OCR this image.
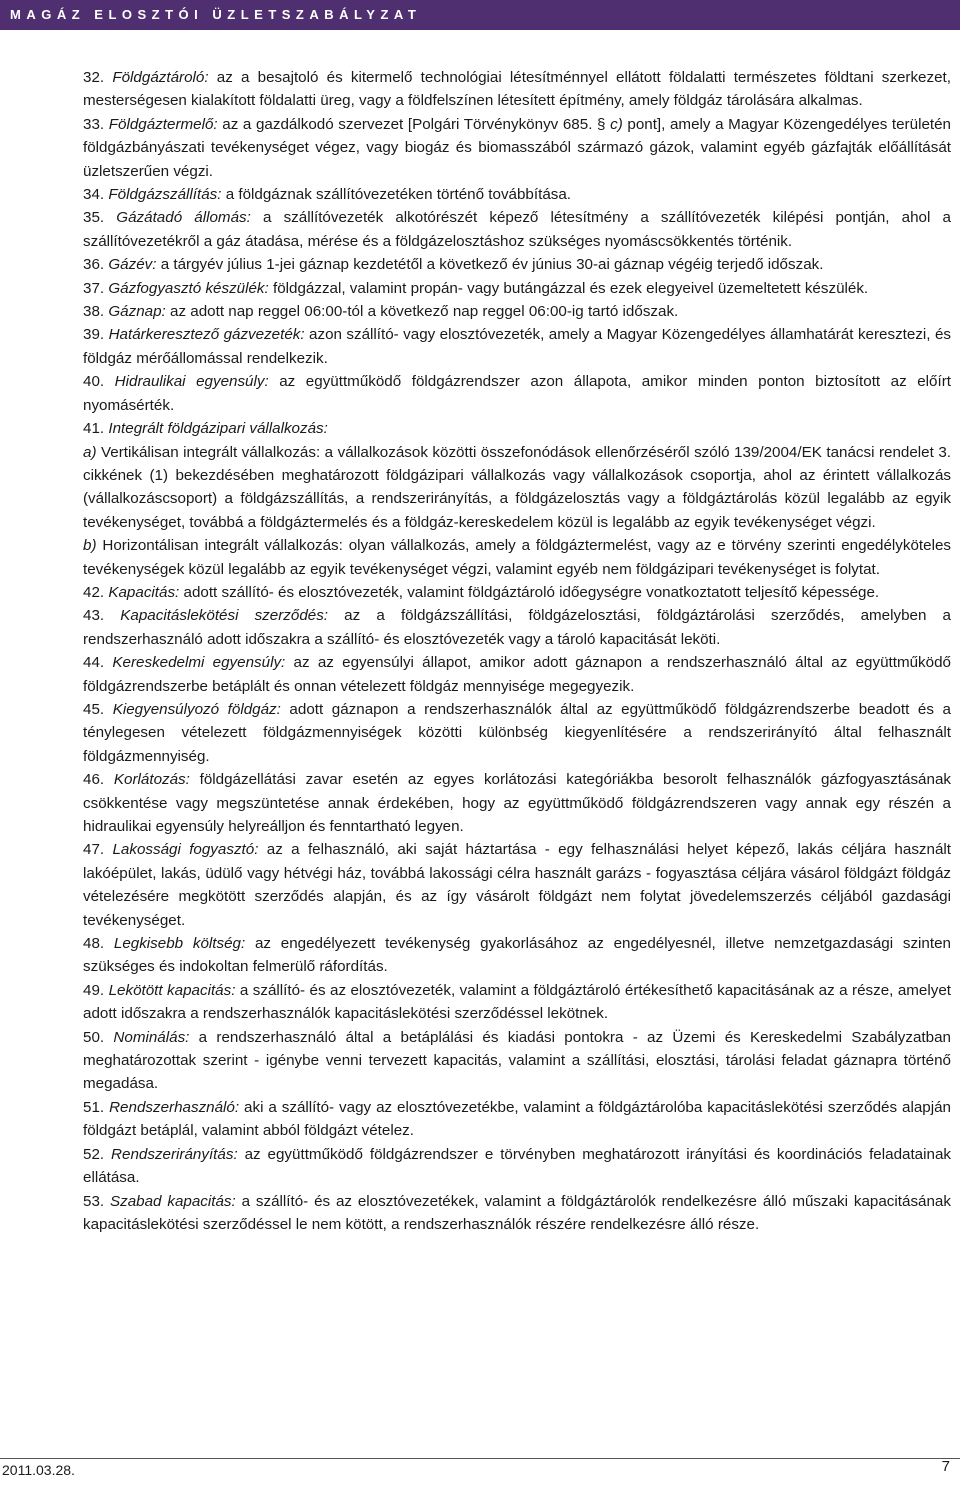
MAGÁZ ELOSZTÓI ÜZLETSZABÁLYZAT

32. Földgáztároló: az a besajtoló és kitermelő technológiai létesítménnyel ellátott földalatti természetes földtani szerkezet, mesterségesen kialakított földalatti üreg, vagy a földfelszínen létesített építmény, amely földgáz tárolására alkalmas.

33. Földgáztermelő: az a gazdálkodó szervezet [Polgári Törvénykönyv 685. § c) pont], amely a Magyar Közengedélyes területén földgázbányászati tevékenységet végez, vagy biogáz és biomasszából származó gázok, valamint egyéb gázfajták előállítását üzletszerűen végzi.

34. Földgázszállítás: a földgáznak szállítóvezetéken történő továbbítása.

35. Gázátadó állomás: a szállítóvezeték alkotórészét képező létesítmény a szállítóvezeték kilépési pontján, ahol a szállítóvezetékről a gáz átadása, mérése és a földgázelosztáshoz szükséges nyomáscsökkentés történik.

36. Gázév: a tárgyév július 1-jei gáznap kezdetétől a következő év június 30-ai gáznap végéig terjedő időszak.

37. Gázfogyasztó készülék: földgázzal, valamint propán- vagy butángázzal és ezek elegyeivel üzemeltetett készülék.

38. Gáznap: az adott nap reggel 06:00-tól a következő nap reggel 06:00-ig tartó időszak.

39. Határkeresztező gázvezeték: azon szállító- vagy elosztóvezeték, amely a Magyar Közengedélyes államhatárát keresztezi, és földgáz mérőállomással rendelkezik.

40. Hidraulikai egyensúly: az együttműködő földgázrendszer azon állapota, amikor minden ponton biztosított az előírt nyomásérték.

41. Integrált földgázipari vállalkozás:

a) Vertikálisan integrált vállalkozás: a vállalkozások közötti összefonódások ellenőrzéséről szóló 139/2004/EK tanácsi rendelet 3. cikkének (1) bekezdésében meghatározott földgázipari vállalkozás vagy vállalkozások csoportja, ahol az érintett vállalkozás (vállalkozáscsoport) a földgázszállítás, a rendszerirányítás, a földgázelosztás vagy a földgáztárolás közül legalább az egyik tevékenységet, továbbá a földgáztermelés és a földgáz-kereskedelem közül is legalább az egyik tevékenységet végzi.

b) Horizontálisan integrált vállalkozás: olyan vállalkozás, amely a földgáztermelést, vagy az e törvény szerinti engedélyköteles tevékenységek közül legalább az egyik tevékenységet végzi, valamint egyéb nem földgázipari tevékenységet is folytat.

42. Kapacitás: adott szállító- és elosztóvezeték, valamint földgáztároló időegységre vonatkoztatott teljesítő képessége.

43. Kapacitáslekötési szerződés: az a földgázszállítási, földgázelosztási, földgáztárolási szerződés, amelyben a rendszerhasználó adott időszakra a szállító- és elosztóvezeték vagy a tároló kapacitását leköti.

44. Kereskedelmi egyensúly: az az egyensúlyi állapot, amikor adott gáznapon a rendszerhasználó által az együttműködő földgázrendszerbe betáplált és onnan vételezett földgáz mennyisége megegyezik.

45. Kiegyensúlyozó földgáz: adott gáznapon a rendszerhasználók által az együttműködő földgázrendszerbe beadott és a ténylegesen vételezett földgázmennyiségek közötti különbség kiegyenlítésére a rendszerirányító által felhasznált földgázmennyiség.

46. Korlátozás: földgázellátási zavar esetén az egyes korlátozási kategóriákba besorolt felhasználók gázfogyasztásának csökkentése vagy megszüntetése annak érdekében, hogy az együttműködő földgázrendszeren vagy annak egy részén a hidraulikai egyensúly helyreálljon és fenntartható legyen.

47. Lakossági fogyasztó: az a felhasználó, aki saját háztartása - egy felhasználási helyet képező, lakás céljára használt lakóépület, lakás, üdülő vagy hétvégi ház, továbbá lakossági célra használt garázs - fogyasztása céljára vásárol földgázt földgáz vételezésére megkötött szerződés alapján, és az így vásárolt földgázt nem folytat jövedelemszerzés céljából gazdasági tevékenységet.

48. Legkisebb költség: az engedélyezett tevékenység gyakorlásához az engedélyesnél, illetve nemzetgazdasági szinten szükséges és indokoltan felmerülő ráfordítás.

49. Lekötött kapacitás: a szállító- és az elosztóvezeték, valamint a földgáztároló értékesíthető kapacitásának az a része, amelyet adott időszakra a rendszerhasználók kapacitáslekötési szerződéssel lekötnek.

50. Nominálás: a rendszerhasználó által a betáplálási és kiadási pontokra - az Üzemi és Kereskedelmi Szabályzatban meghatározottak szerint - igénybe venni tervezett kapacitás, valamint a szállítási, elosztási, tárolási feladat gáznapra történő megadása.

51. Rendszerhasználó: aki a szállító- vagy az elosztóvezetékbe, valamint a földgáztárolóba kapacitáslekötési szerződés alapján földgázt betáplál, valamint abból földgázt vételez.

52. Rendszerirányítás: az együttműködő földgázrendszer e törvényben meghatározott irányítási és koordinációs feladatainak ellátása.

53. Szabad kapacitás: a szállító- és az elosztóvezetékek, valamint a földgáztárolók rendelkezésre álló műszaki kapacitásának kapacitáslekötési szerződéssel le nem kötött, a rendszerhasználók részére rendelkezésre álló része.

2011.03.28.	7
